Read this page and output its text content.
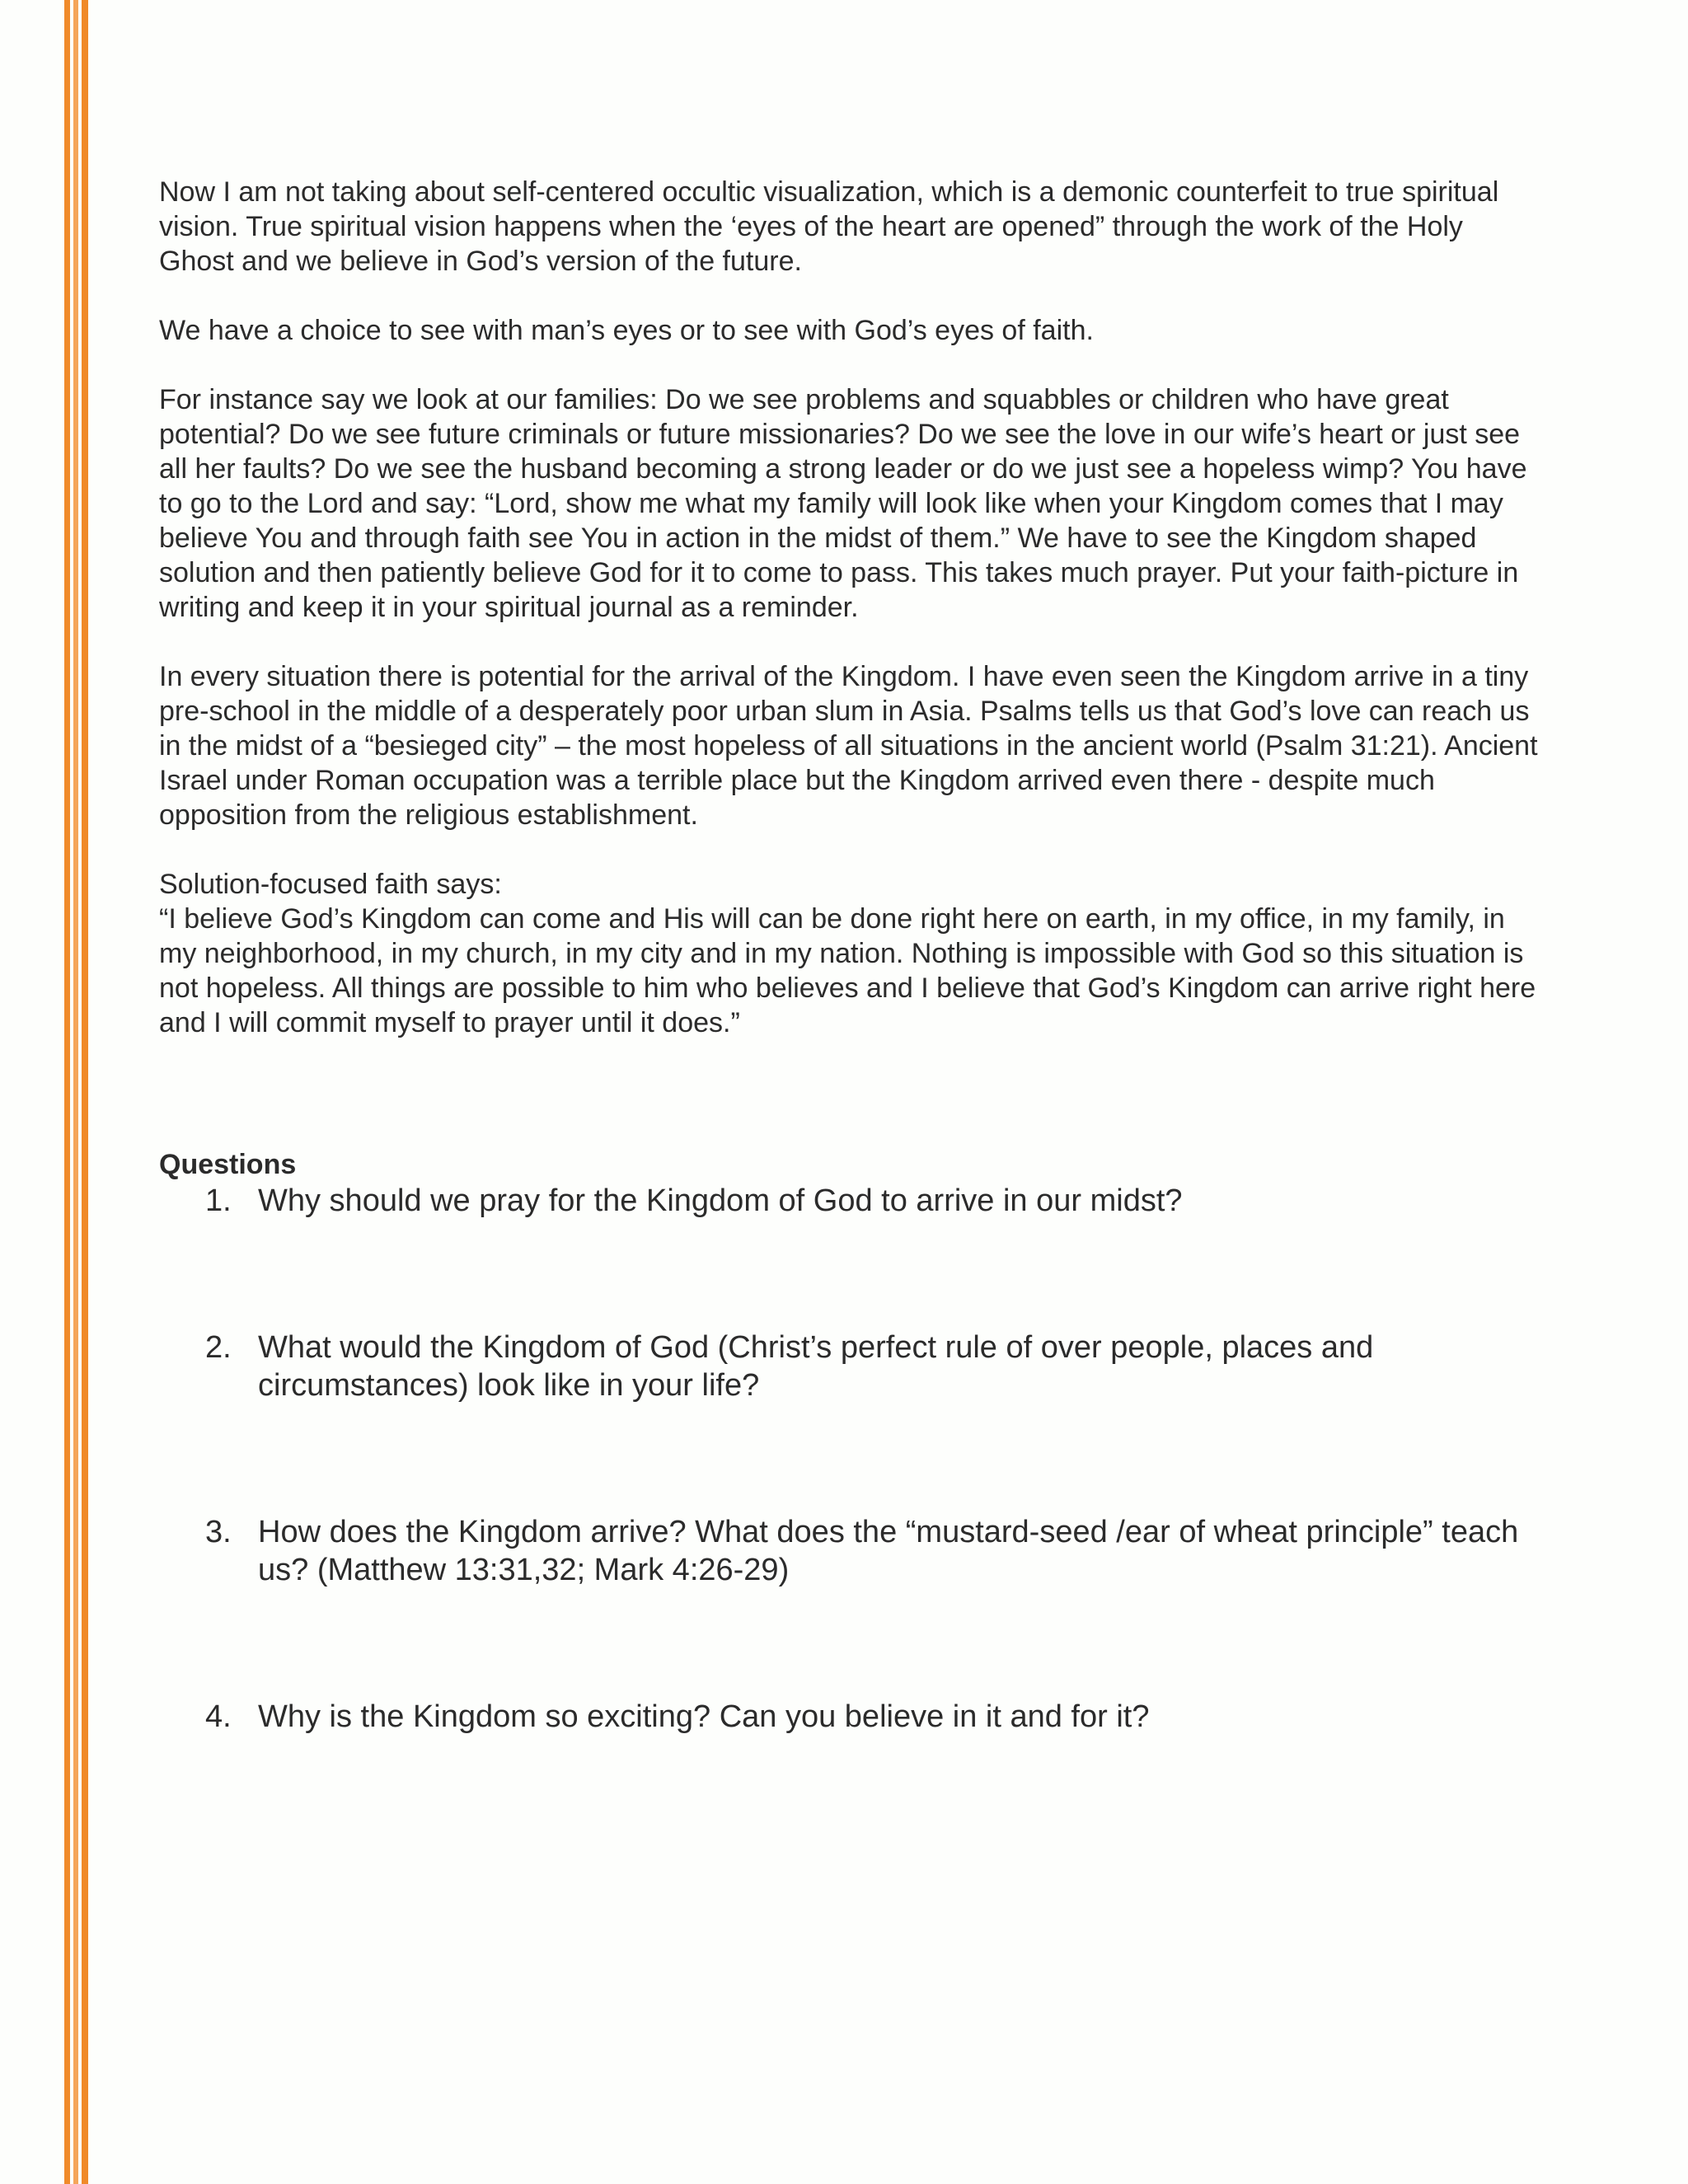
Now I am not taking about self-centered occultic visualization, which is a demonic counterfeit to true spiritual vision. True spiritual vision happens when the ‘eyes of the heart are opened” through the work of the Holy Ghost and we believe in God’s version of the future.

We have a choice to see with man’s eyes or to see with God’s eyes of faith.

For instance say we look at our families: Do we see problems and squabbles or children who have great potential? Do we see future criminals or future missionaries? Do we see the love in our wife’s heart or just see all her faults? Do we see the husband becoming a strong leader or do we just see a hopeless wimp? You have to go to the Lord and say: “Lord, show me what my family will look like when your Kingdom comes that I may believe You and through faith see You in action in the midst of them.” We have to see the Kingdom shaped solution and then patiently believe God for it to come to pass. This takes much prayer. Put your faith-picture in writing and keep it in your spiritual journal as a reminder.

In every situation there is potential for the arrival of the Kingdom. I have even seen the Kingdom arrive in a tiny pre-school in the middle of a desperately poor urban slum in Asia. Psalms tells us that God’s love can reach us in the midst of a “besieged city” – the most hopeless of all situations in the ancient world (Psalm 31:21). Ancient Israel under Roman occupation was a terrible place but the Kingdom arrived even there - despite much opposition from the religious establishment.

Solution-focused faith says:
“I believe God’s Kingdom can come and His will can be done right here on earth, in my office, in my family, in my neighborhood, in my church, in my city and in my nation. Nothing is impossible with God so this situation is not hopeless. All things are possible to him who believes and I believe that God’s Kingdom can arrive right here and I will commit myself to prayer until it does.”

Questions

1. Why should we pray for the Kingdom of God to arrive in our midst?
2. What would the Kingdom of God (Christ’s perfect rule of over people, places and circumstances) look like in your life?
3. How does the Kingdom arrive? What does the “mustard-seed /ear of wheat principle” teach us? (Matthew 13:31,32; Mark 4:26-29)
4. Why is the Kingdom so exciting? Can you believe in it and for it?
